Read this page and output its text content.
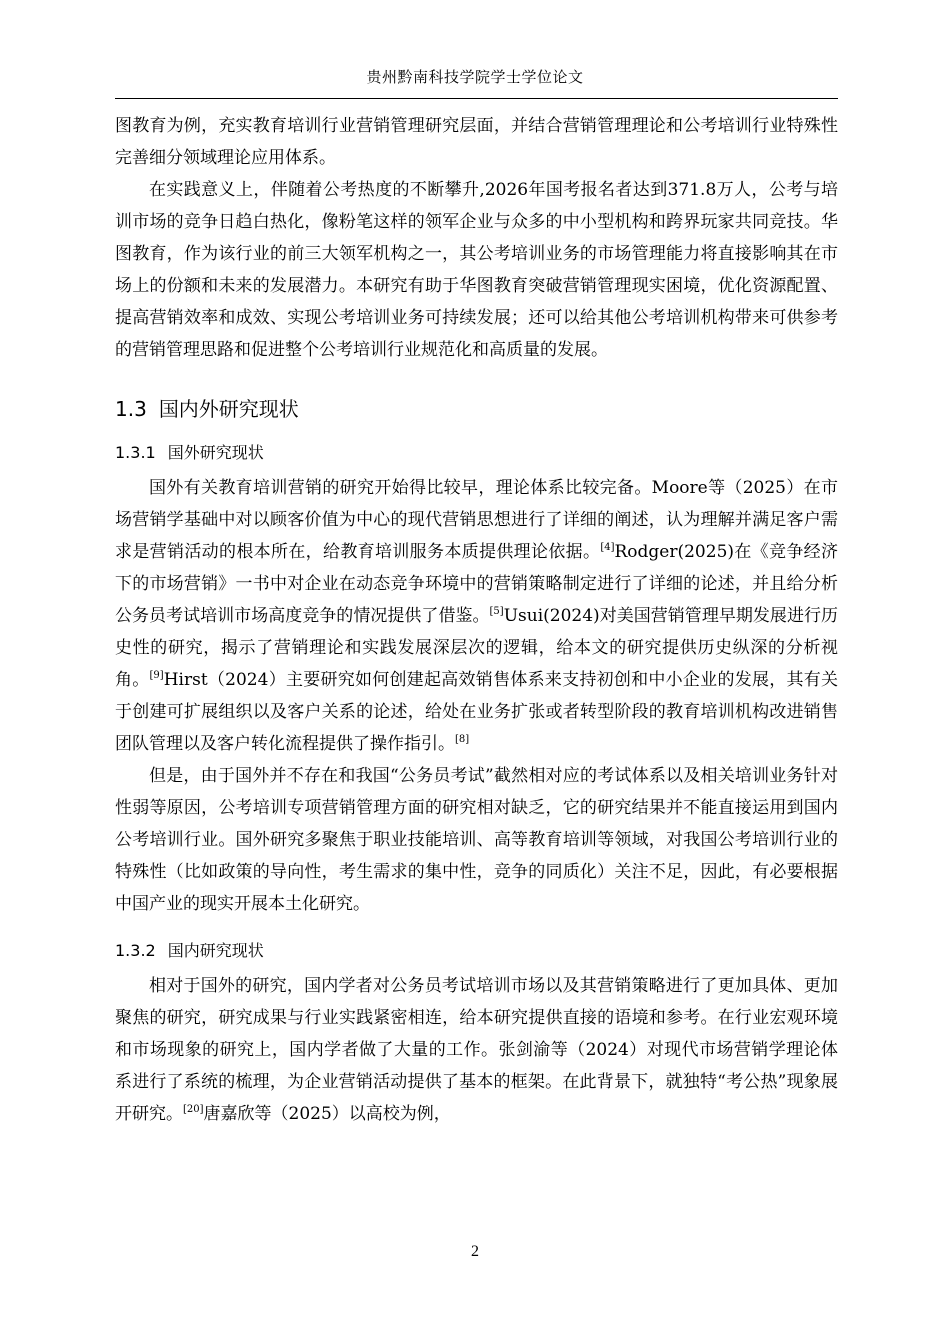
贵州黔南科技学院学士学位论文

图教育为例，充实教育培训行业营销管理研究层面，并结合营销管理理论和公考培训行业特殊性完善细分领域理论应用体系。

在实践意义上，伴随着公考热度的不断攀升,2026年国考报名者达到371.8万人，公考与培训市场的竞争日趋白热化，像粉笔这样的领军企业与众多的中小型机构和跨界玩家共同竞技。华图教育，作为该行业的前三大领军机构之一，其公考培训业务的市场管理能力将直接影响其在市场上的份额和未来的发展潜力。本研究有助于华图教育突破营销管理现实困境，优化资源配置、提高营销效率和成效、实现公考培训业务可持续发展；还可以给其他公考培训机构带来可供参考的营销管理思路和促进整个公考培训行业规范化和高质量的发展。

1.3 国内外研究现状
1.3.1 国外研究现状

国外有关教育培训营销的研究开始得比较早，理论体系比较完备。Moore等（2025）在市场营销学基础中对以顾客价值为中心的现代营销思想进行了详细的阐述，认为理解并满足客户需求是营销活动的根本所在，给教育培训服务本质提供理论依据。[4]Rodger(2025)在《竞争经济下的市场营销》一书中对企业在动态竞争环境中的营销策略制定进行了详细的论述，并且给分析公务员考试培训市场高度竞争的情况提供了借鉴。[5]Usui(2024)对美国营销管理早期发展进行历史性的研究，揭示了营销理论和实践发展深层次的逻辑，给本文的研究提供历史纵深的分析视角。[9]Hirst（2024）主要研究如何创建起高效销售体系来支持初创和中小企业的发展，其有关于创建可扩展组织以及客户关系的论述，给处在业务扩张或者转型阶段的教育培训机构改进销售团队管理以及客户转化流程提供了操作指引。[8]

但是，由于国外并不存在和我国“公务员考试”截然相对应的考试体系以及相关培训业务针对性弱等原因，公考培训专项营销管理方面的研究相对缺乏，它的研究结果并不能直接运用到国内公考培训行业。国外研究多聚焦于职业技能培训、高等教育培训等领域，对我国公考培训行业的特殊性（比如政策的导向性，考生需求的集中性，竞争的同质化）关注不足，因此，有必要根据中国产业的现实开展本土化研究。

1.3.2 国内研究现状

相对于国外的研究，国内学者对公务员考试培训市场以及其营销策略进行了更加具体、更加聚焦的研究，研究成果与行业实践紧密相连，给本研究提供直接的语境和参考。在行业宏观环境和市场现象的研究上，国内学者做了大量的工作。张剑渝等（2024）对现代市场营销学理论体系进行了系统的梳理，为企业营销活动提供了基本的框架。在此背景下，就独特“考公热”现象展开研究。[20]唐嘉欣等（2025）以高校为例，

2
